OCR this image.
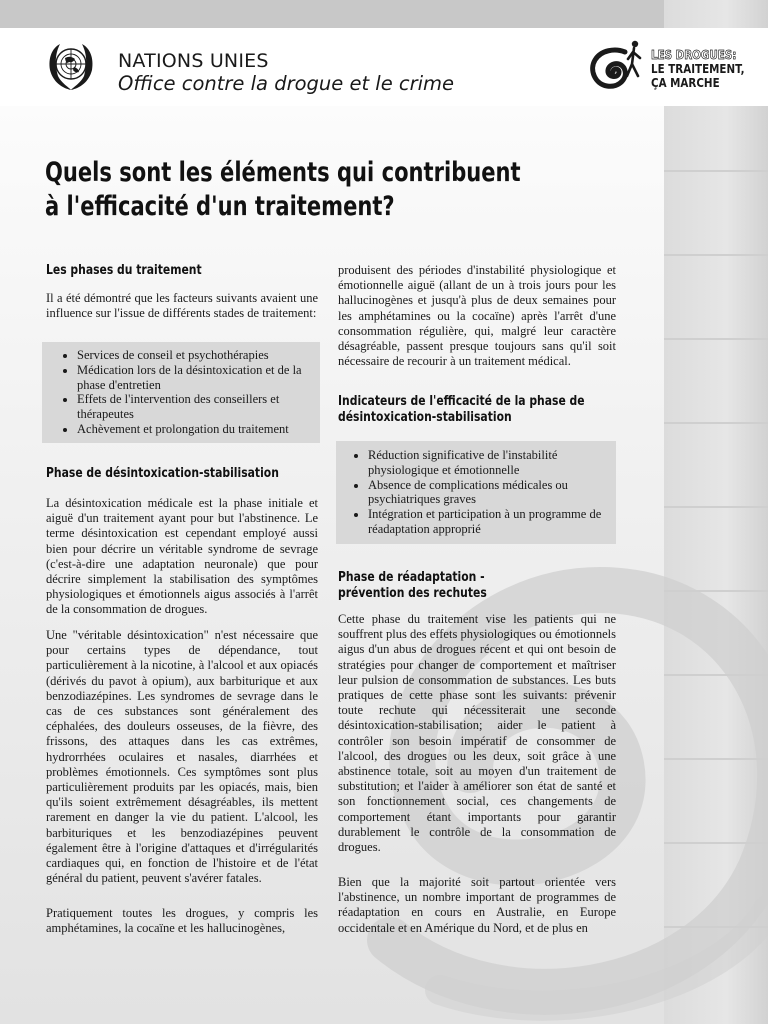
NATIONS UNIES
Office contre la drogue et le crime
LES DROGUES:
LE TRAITEMENT,
ÇA MARCHE
Quels sont les éléments qui contribuent
à l'efficacité d'un traitement?
Les phases du traitement
Il a été démontré que les facteurs suivants avaient une influence sur l'issue de différents stades de traitement:
• Services de conseil et psychothérapies
• Médication lors de la désintoxication et de la phase d'entretien
• Effets de l'intervention des conseillers et thérapeutes
• Achèvement et prolongation du traitement
Phase de désintoxication-stabilisation
La désintoxication médicale est la phase initiale et aiguë d'un traitement ayant pour but l'abstinence. Le terme désintoxication est cependant employé aussi bien pour décrire un véritable syndrome de sevrage (c'est-à-dire une adaptation neuronale) que pour décrire simplement la stabilisation des symptômes physiologiques et émotionnels aigus associés à l'arrêt de la consommation de drogues.
Une "véritable désintoxication" n'est nécessaire que pour certains types de dépendance, tout particulièrement à la nicotine, à l'alcool et aux opiacés (dérivés du pavot à opium), aux barbiturique et aux benzodiazépines. Les syndromes de sevrage dans le cas de ces substances sont généralement des céphalées, des douleurs osseuses, de la fièvre, des frissons, des attaques dans les cas extrêmes, hydrorrhées oculaires et nasales, diarrhées et problèmes émotionnels. Ces symptômes sont plus particulièrement produits par les opiacés, mais, bien qu'ils soient extrêmement désagréables, ils mettent rarement en danger la vie du patient. L'alcool, les barbituriques et les benzodiazépines peuvent également être à l'origine d'attaques et d'irrégularités cardiaques qui, en fonction de l'histoire et de l'état général du patient, peuvent s'avérer fatales.
Pratiquement toutes les drogues, y compris les amphétamines, la cocaïne et les hallucinogènes,
produisent des périodes d'instabilité physiologique et émotionnelle aiguë (allant de un à trois jours pour les hallucinogènes et jusqu'à plus de deux semaines pour les amphétamines ou la cocaïne) après l'arrêt d'une consommation régulière, qui, malgré leur caractère désagréable, passent presque toujours sans qu'il soit nécessaire de recourir à un traitement médical.
Indicateurs de l'efficacité de la phase de
désintoxication-stabilisation
• Réduction significative de l'instabilité physiologique et émotionnelle
• Absence de complications médicales ou psychiatriques graves
• Intégration et participation à un programme de réadaptation approprié
Phase de réadaptation -
prévention des rechutes
Cette phase du traitement vise les patients qui ne souffrent plus des effets physiologiques ou émotionnels aigus d'un abus de drogues récent et qui ont besoin de stratégies pour changer de comportement et maîtriser leur pulsion de consommation de substances. Les buts pratiques de cette phase sont les suivants: prévenir toute rechute qui nécessiterait une seconde désintoxication-stabilisation; aider le patient à contrôler son besoin impératif de consommer de l'alcool, des drogues ou les deux, soit grâce à une abstinence totale, soit au moyen d'un traitement de substitution; et l'aider à améliorer son état de santé et son fonctionnement social, ces changements de comportement étant importants pour garantir durablement le contrôle de la consommation de drogues.
Bien que la majorité soit partout orientée vers l'abstinence, un nombre important de programmes de réadaptation en cours en Australie, en Europe occidentale et en Amérique du Nord, et de plus en
